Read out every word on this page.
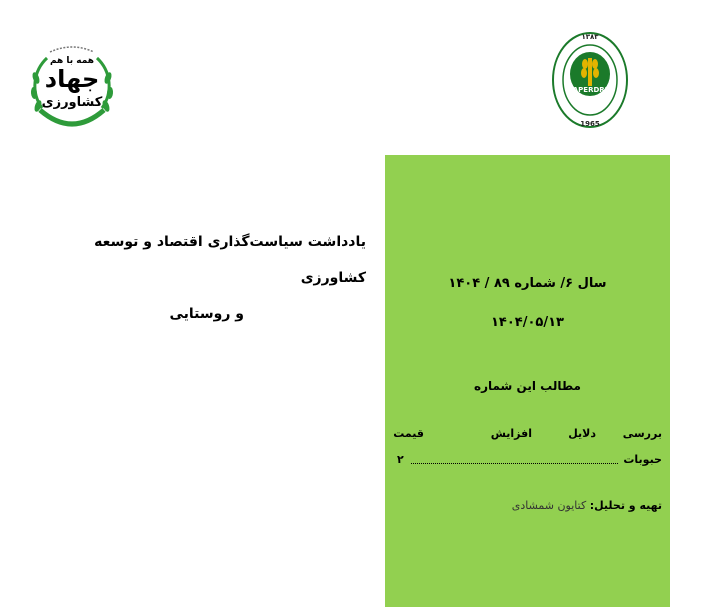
همه با هم
جهاد
کشاورزی
APERDRI
۱۳۸۳
1965
یادداشت سیاست‌گذاری اقتصاد و توسعه کشاورزی
و روستایی
سال ۶/ شماره ۸۹ / ۱۴۰۴
۱۴۰۴/۰۵/۱۳
مطالب این شماره
بررسی
دلایل
افزایش
قیمت
حبوبات
۲
تهیه و تحلیل: کتایون شمشادی
